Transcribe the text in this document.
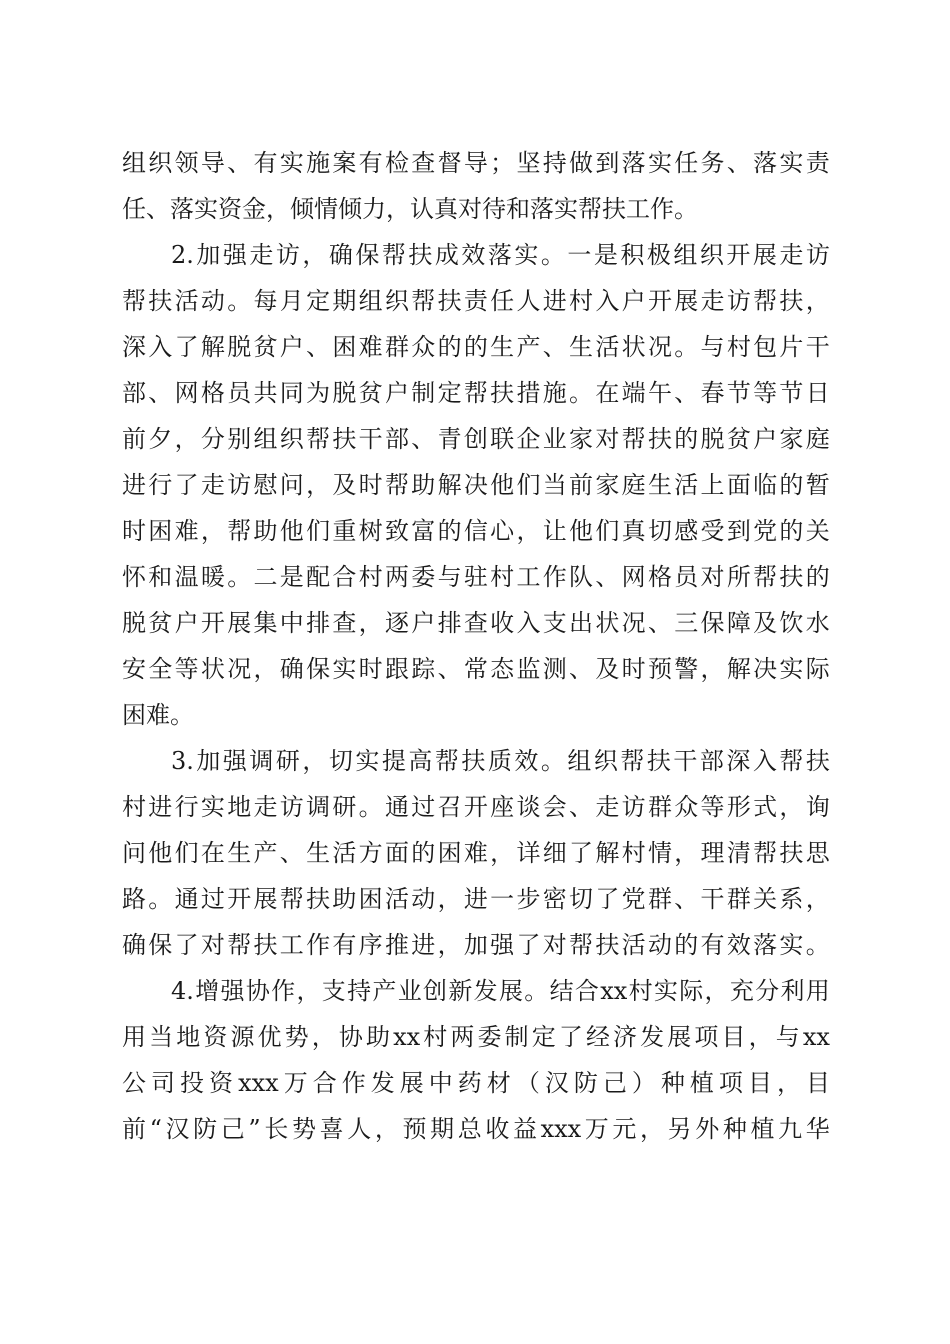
组 织 领 导 、 有 实 施 案 有 检 查 督 导 ； 坚 持 做 到 落 实 任 务 、 落 实 责
任、落实资金，倾情倾力，认真对待和落实帮扶工作。
2. 加 强 走 访 ， 确 保 帮 扶 成 效 落 实 。 一 是 积 极 组 织 开 展 走 访
帮 扶 活 动 。 每 月 定 期 组 织 帮 扶 责 任 人 进 村 入 户 开 展 走 访 帮 扶 ，
深 入 了 解 脱 贫 户 、 困 难 群 众 的 的 生 产 、 生 活 状 况 。 与 村 包 片 干
部 、 网 格 员 共 同 为 脱 贫 户 制 定 帮 扶 措 施 。 在 端 午 、 春 节 等 节 日
前 夕 ， 分 别 组 织 帮 扶 干 部 、 青 创 联 企 业 家 对 帮 扶 的 脱 贫 户 家 庭
进 行 了 走 访 慰 问 ， 及 时 帮 助 解 决 他 们 当 前 家 庭 生 活 上 面 临 的 暂
时 困 难 ， 帮 助 他 们 重 树 致 富 的 信 心 ， 让 他 们 真 切 感 受 到 党 的 关
怀 和 温 暖 。 二 是 配 合 村 两 委 与 驻 村 工 作 队 、 网 格 员 对 所 帮 扶 的
脱 贫 户 开 展 集 中 排 查 ， 逐 户 排 查 收 入 支 出 状 况 、 三 保 障 及 饮 水
安 全 等 状 况 ， 确 保 实 时 跟 踪 、 常 态 监 测 、 及 时 预 警 ， 解 决 实 际
困难。
3. 加 强 调 研 ， 切 实 提 高 帮 扶 质 效 。 组 织 帮 扶 干 部 深 入 帮 扶
村 进 行 实 地 走 访 调 研 。 通 过 召 开 座 谈 会 、 走 访 群 众 等 形 式 ， 询
问 他 们 在 生 产 、 生 活 方 面 的 困 难 ， 详 细 了 解 村 情 ， 理 清 帮 扶 思
路 。 通 过 开 展 帮 扶 助 困 活 动 ， 进 一 步 密 切 了 党 群 、 干 群 关 系 ，
确 保 了 对 帮 扶 工 作 有 序 推 进 ， 加 强 了 对 帮 扶 活 动 的 有 效 落 实 。
4. 增 强 协 作 ， 支 持 产 业 创 新 发 展 。 结 合 xx 村 实 际 ， 充 分 利 用
用 当 地 资 源 优 势 ， 协 助 xx 村 两 委 制 定 了 经 济 发 展 项 目 ， 与 xx
公 司 投 资 xxx 万 合 作 发 展 中 药 材 （ 汉 防 己 ） 种 植 项 目 ， 目
前 “ 汉 防 己 ” 长 势 喜 人 ， 预 期 总 收 益 xxx 万 元 ， 另 外 种 植 九 华
